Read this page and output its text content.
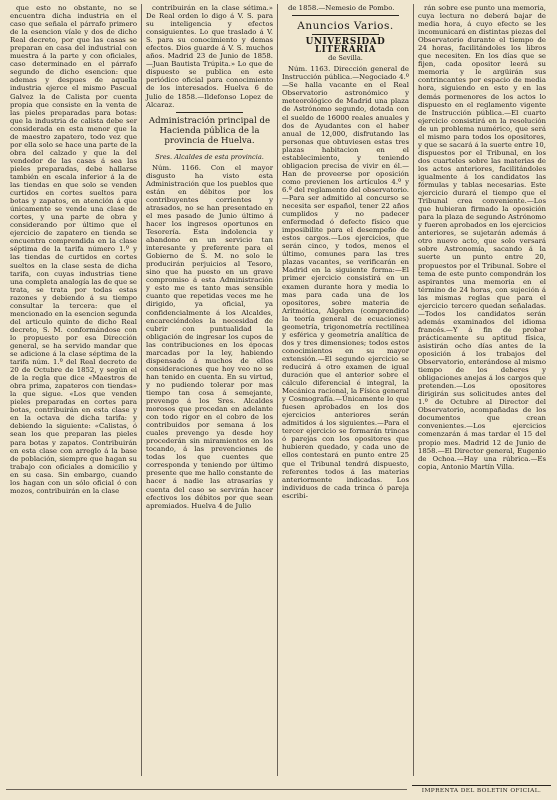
que esto no obstante, no se encuentra dicha industria en el caso que señala el párrafo primero de la esencion víale y dos de dicho Real decreto, por que las casas se preparan en casa del industrial con muestra á la parte y con oficiales, caso determinado en el párrafo segundo de dicho esencion: que ademas y despues de aquella industria ejerce el mismo Pascual Galvez la de Calista por cuenta propia que consiste en la venta de las pieles preparadas para botas: que la industria de calista debe ser considerada en esta menor que la de maestro zapatero, todo vez que por ella solo se hace una parte de la obra del calzado y que la del vendedor de las casas á sea las pieles preparadas, debe hallarse también en escala inferior á la de las tiendas en que solo se venden curtidos en cortes sueltos para botas y zapatos, en atención á que únicamente se vende una clase de cortes, y una parte de obra y considerando por último que el ejercicio de zapatero en tienda se encuentra comprendida en la clase séptima de la tarifa número 1.º y las tiendas de curtidos en cortes sueltos en la clase sesta de dicha tarifa, con cuyas industrias tiene una completa analogía las de que se trata, se trata por todas estas razones y debiendo á su tiempo consultar la tercera: que el mencionado en la esencion segunda del articulo quinto de dicho Real decreto, S. M. conformándose con lo propuesto por esa Dirección general, se ha servido mandar que se adicione á la clase séptima de la tarifa núm. 1.º del Real decreto de 20 de Octubre de 1852, y según el de la regla que dice «Maestros de obra prima, zapateros con tiendas» la que sigue. «Los que venden pieles preparadas en cortes para botas, contribuirán en esta clase y en la octava de dicha tarifa: y debiendo la siguiente: «Calistas, ó sean los que preparan las pieles para botas y zapatos. Contribuirán en esta clase con arreglo á la base de población, siempre que hagan su trabajo con oficiales a domicilio y en su casa. Sin embargo, cuando los hagan con un sólo oficial ó con mozos, contribuirán en la clase

contribuirán en la clase sétima.» De Real orden lo digo á V. S. para su inteligencia y efectos consiguientes. Lo que traslado á V. S. para su conocimiento y demas efectos. Dios guarde á V. S. muchos años. Madrid 23 de Junio de 1858.—Juan Bautista Trúpita.» Lo que de dispuesto se publica en este periódico oficial para conocimiento de los interesados. Huelva 6 de Julio de 1858.—Ildefonso Lopez de Alcaraz.

Administración principal de Hacienda pública de la provincia de Huelva.
Sres. Alcaldes de esta provincia.

Núm. 1166. Con el mayor disgusto ha visto esta Administración que los pueblos que están en débitos por los contribuyentes corrientes y atrasados, no se han presentado en el mes pasado de Junio último á hacer los ingresos oportunos en Tesorería. Esta indolencia y abandono en un servicio tan interesante y preferente para el Gobierno de S. M. no solo le producirán perjuicios al Tesoro, sino que ha puesto en un grave compromiso á esta Administración y esto me es tanto mas sensible cuanto que repetidas veces me he dirigido, ya oficial, ya confidencialmente á los Alcaldes, encareciéndoles la necesidad de cubrir con puntualidad la obligación de ingresar los cupos de las contribuciones en los épocas marcadas por la ley, habiendo dispensado á muchos de ellos consideraciones que hoy veo no se han tenido en cuenta. En su virtud, y no pudiendo tolerar por mas tiempo tan cosa á semejante, prevengo á los Sres. Alcaldes morosos que procedan en adelante con todo rigor en el cobro de los contribuidos por semana á los cuales prevengo ya desde hoy procederán sin miramientos en los tocando, á las prevenciones de todas los que cuentes que corresponda y teniendo por último presente que me hallo constante de hacer á nadie las atrasarías y cuenta del caso se servirán hacer efectivos los débitos por que sean apremiados. Huelva 4 de Julio

de 1858.—Nemesio de Pombo.

Anuncios Varios.
UNIVERSIDAD LITERARIA
de Sevilla.

Núm. 1163. Dirección general de Instrucción pública.—Negociado 4.º—Se halla vacante en el Real Observatorio astronómico y meteorológico de Madrid una plaza de Astrónomo segundo, dotada con el sueldo de 16000 reales anuales y dos de Ayudantes con el haber anual de 12,000, disfrutando las personas que obtuviesen estas tres plazas habitacion en el establecimiento, y teniendo obligacion precisa de vivir en él.—Han de proveerse por oposición como previenen los artículos 4.º y 6.º del reglamento del observatorio.—Para ser admitido al concurso se necesita ser español, tener 22 años cumplidos y no padecer enfermedad ó defecto físico que imposibilite para el desempeño de estos cargos.—Los ejercicios, que serán cinco, y todos, menos el último, comunes para las tres plazas vacantes, se verificarán en Madrid en la siguiente forma:—El primer ejercicio consistirá en un examen durante hora y media lo mas para cada una de los opositores, sobre materia de Aritmética, Algebra (comprendido la teoría general de ecuaciones) geometría, trigonometría rectilínea y esférica y geometría analítica de dos y tres dimensiones; todos estos conocimientos en su mayor extensión.—El segundo ejercicio se reducirá á otro examen de igual duración que el anterior sobre el cálculo diferencial é integral, la Mecánica racional, la Física general y Cosmografía.—Únicamente lo que fuesen aprobados en los dos ejercicios anteriores serán admitidos á los siguientes.—Para el tercer ejercicio se formarán trincas ó parejas con los opositores que hubieren quedado, y cada uno de ellos contestará en punto entre 25 que el Tribunal tendrá dispuesto, referentes todos á las materias anteriormente indicadas. Los individuos de cada trinca ó pareja escribi-

rán sobre ese punto una memoria, cuya lectura no deberá bajar de media hora, á cuyo efecto se les incomunicará en distintas piezas del Observatorio durante el tiempo de 24 horas, facilitándoles los libros que necesiten. En los días que se fijen, cada opositor leerá su memoria y le argüirán sus contrincantes por espacio de media hora, siguiendo en esto y en las demás pormenores de los actos lo dispuesto en el reglamento vigente de Instrucción pública.—El cuarto ejercicio consistirá en la resolución de un problema numérico, que será el mismo para todos los opositores, y que se sacará á la suerte entre 10, dispuestos por el Tribunal, en los dos cuarteles sobre las materias de los actos anteriores, facilitándoles igualmente á los candidatos las fórmulas y tablas necesarias. Este ejercicio durará el tiempo que el Tribunal crea conveniente.—Los que hubieran firmado la oposición para la plaza de segundo Astrónomo y fueren aprobados en los ejercicios anteriores, se sujetarán además á otro nuevo acto, que solo versará sobre Astronomía, sacando á la suerte un punto entre 20, propuestos por el Tribunal. Sobre el tema de este punto compondrán los aspirantes una memoria en el término de 24 horas, con sujeción á las mismas reglas que para el ejercicio tercero quedan señaladas.—Todos los candidatos serán además examinados del idioma francés.—Y á fin de probar prácticamente su aptitud física, asistirán ocho días antes de la oposición á los trabajos del Observatorio, enterándose al mismo tiempo de los deberes y obligaciones anejas á los cargos que pretenden.—Los opositores dirigirán sus solicitudes antes del 1.º de Octubre al Director del Observatorio, acompañadas de los documentos que crean convenientes.—Los ejercicios comenzarán á mas tardar el 15 del propio mes. Madrid 12 de Junio de 1858.—El Director general, Eugenio de Ochoa.—Hay una rúbrica.—Es copia, Antonio Martín Villa.

IMPRENTA DEL BOLETIN OFICIAL.
